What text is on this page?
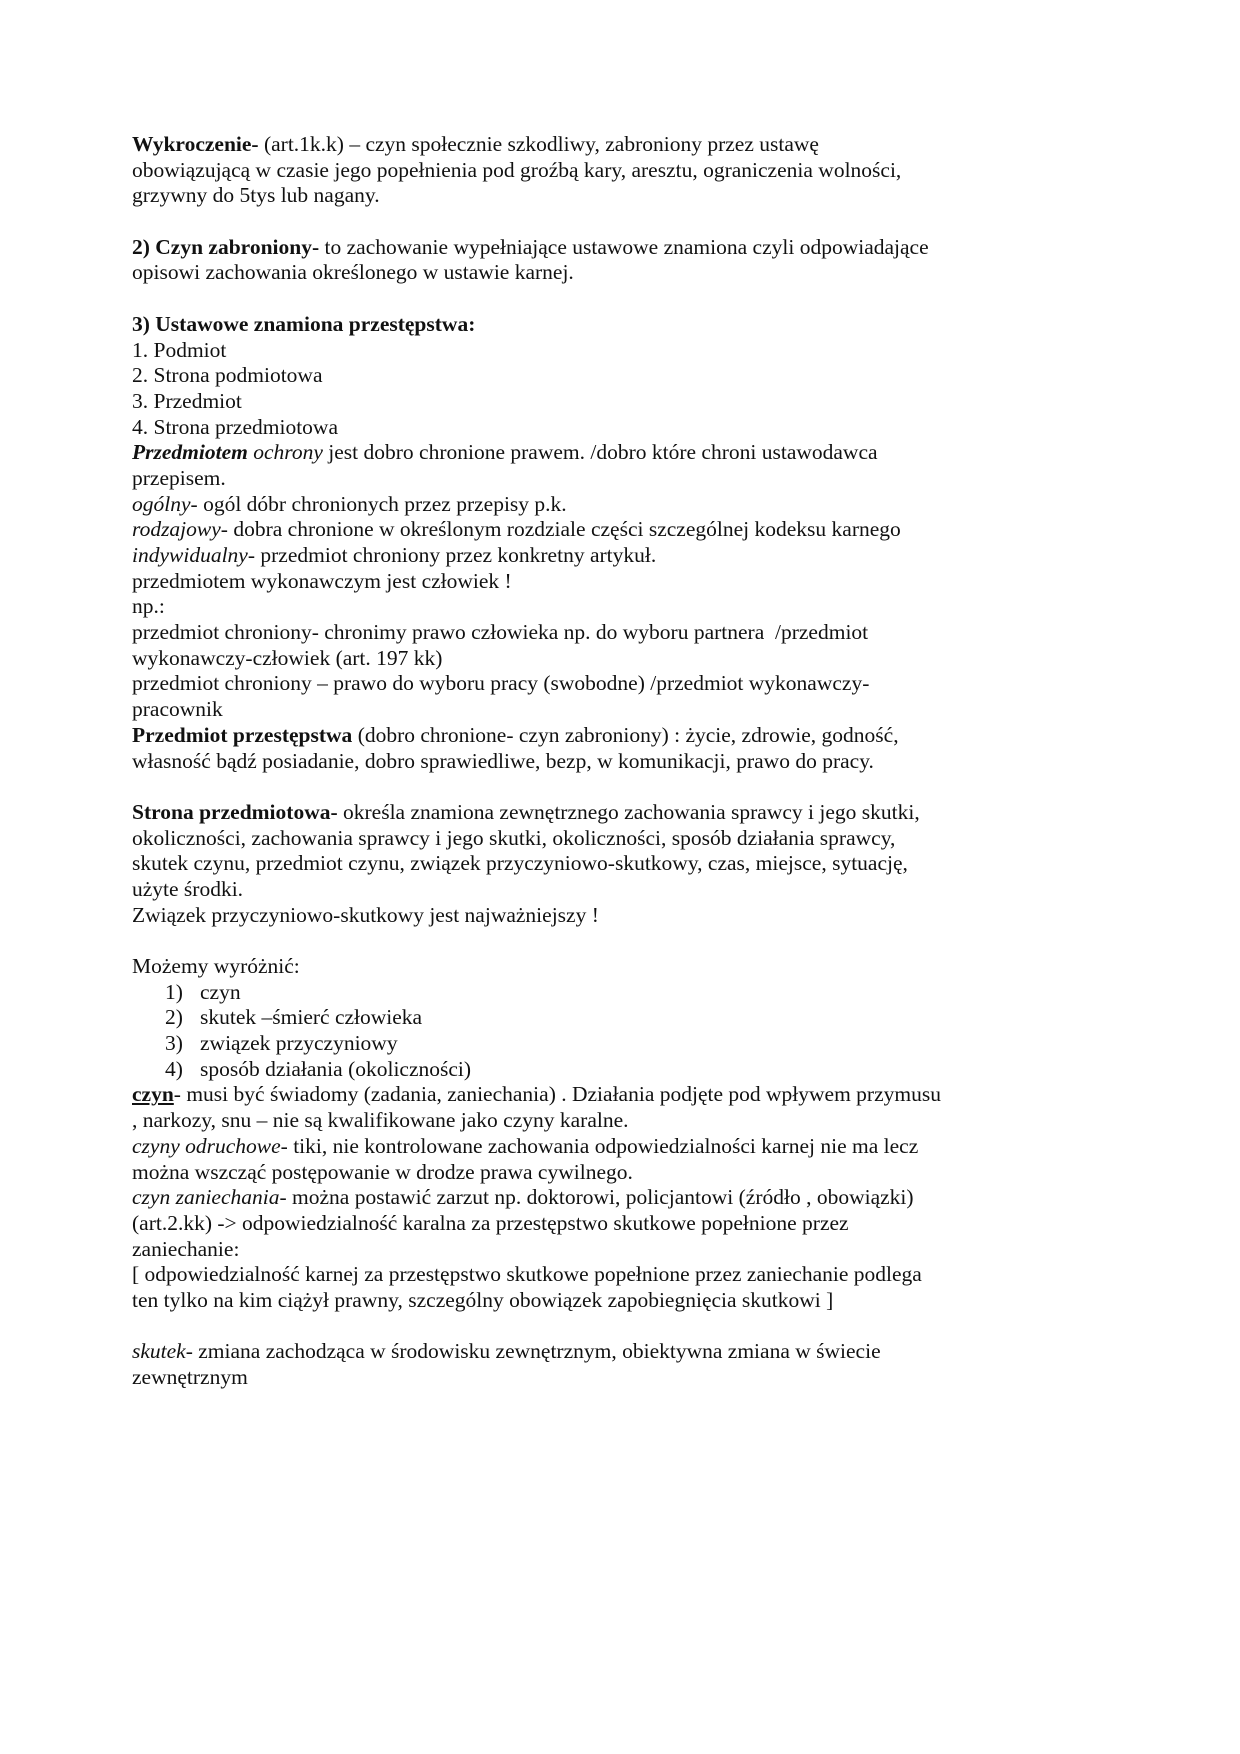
Wykroczenie- (art.1k.k) – czyn społecznie szkodliwy, zabroniony przez ustawę
obowiązującą w czasie jego popełnienia pod groźbą kary, aresztu, ograniczenia wolności,
grzywny do 5tys lub nagany.
2) Czyn zabroniony- to zachowanie wypełniające ustawowe znamiona czyli odpowiadające
opisowi zachowania określonego w ustawie karnej.
3) Ustawowe znamiona przestępstwa:
1. Podmiot
2. Strona podmiotowa
3. Przedmiot
4. Strona przedmiotowa
Przedmiotem ochrony jest dobro chronione prawem. /dobro które chroni ustawodawca
przepisem.
ogólny- ogól dóbr chronionych przez przepisy p.k.
rodzajowy- dobra chronione w określonym rozdziale części szczególnej kodeksu karnego
indywidualny- przedmiot chroniony przez konkretny artykuł.
przedmiotem wykonawczym jest człowiek !
np.:
przedmiot chroniony- chronimy prawo człowieka np. do wyboru partnera  /przedmiot
wykonawczy-człowiek (art. 197 kk)
przedmiot chroniony – prawo do wyboru pracy (swobodne) /przedmiot wykonawczy-
pracownik
Przedmiot przestępstwa (dobro chronione- czyn zabroniony) : życie, zdrowie, godność,
własność bądź posiadanie, dobro sprawiedliwe, bezp, w komunikacji, prawo do pracy.
Strona przedmiotowa- określa znamiona zewnętrznego zachowania sprawcy i jego skutki,
okoliczności, zachowania sprawcy i jego skutki, okoliczności, sposób działania sprawcy,
skutek czynu, przedmiot czynu, związek przyczyniowo-skutkowy, czas, miejsce, sytuację,
użyte środki.
Związek przyczyniowo-skutkowy jest najważniejszy !
Możemy wyróżnić:
1) czyn
2) skutek –śmierć człowieka
3) związek przyczyniowy
4) sposób działania (okoliczności)
czyn- musi być świadomy (zadania, zaniechania) . Działania podjęte pod wpływem przymusu
, narkozy, snu – nie są kwalifikowane jako czyny karalne.
czyny odruchowe- tiki, nie kontrolowane zachowania odpowiedzialności karnej nie ma lecz
można wszcząć postępowanie w drodze prawa cywilnego.
czyn zaniechania- można postawić zarzut np. doktorowi, policjantowi (źródło , obowiązki)
(art.2.kk) -> odpowiedzialność karalna za przestępstwo skutkowe popełnione przez
zaniechanie:
[ odpowiedzialność karnej za przestępstwo skutkowe popełnione przez zaniechanie podlega
ten tylko na kim ciążył prawny, szczególny obowiązek zapobiegnięcia skutkowi ]
skutek- zmiana zachodząca w środowisku zewnętrznym, obiektywna zmiana w świecie
zewnętrznym
